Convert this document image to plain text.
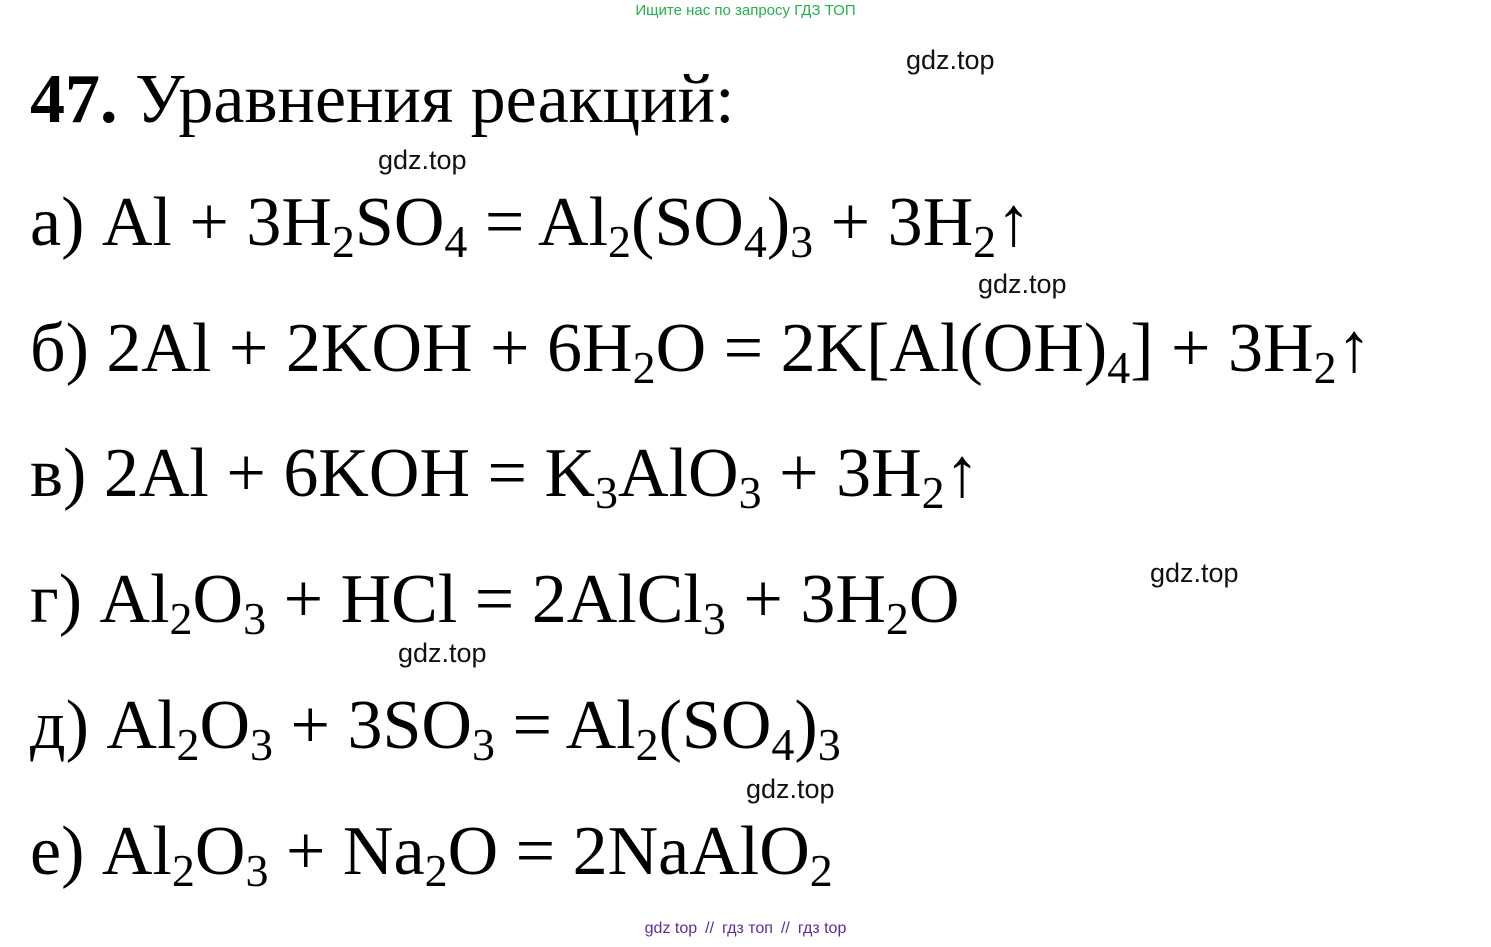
Ищите нас по запросу ГДЗ ТОП
47. Уравнения реакций:
а) Al + 3H2SO4 = Al2(SO4)3 + 3H2↑
б) 2Al + 2KOH + 6H2O = 2K[Al(OH)4] + 3H2↑
в) 2Al + 6KOH = K3AlO3 + 3H2↑
г) Al2O3 + HCl = 2AlCl3 + 3H2O
д) Al2O3 + 3SO3 = Al2(SO4)3
е) Al2O3 + Na2O = 2NaAlO2
gdz.top
gdz.top
gdz.top
gdz.top
gdz.top
gdz.top
gdz top // гдз топ // гдз top
